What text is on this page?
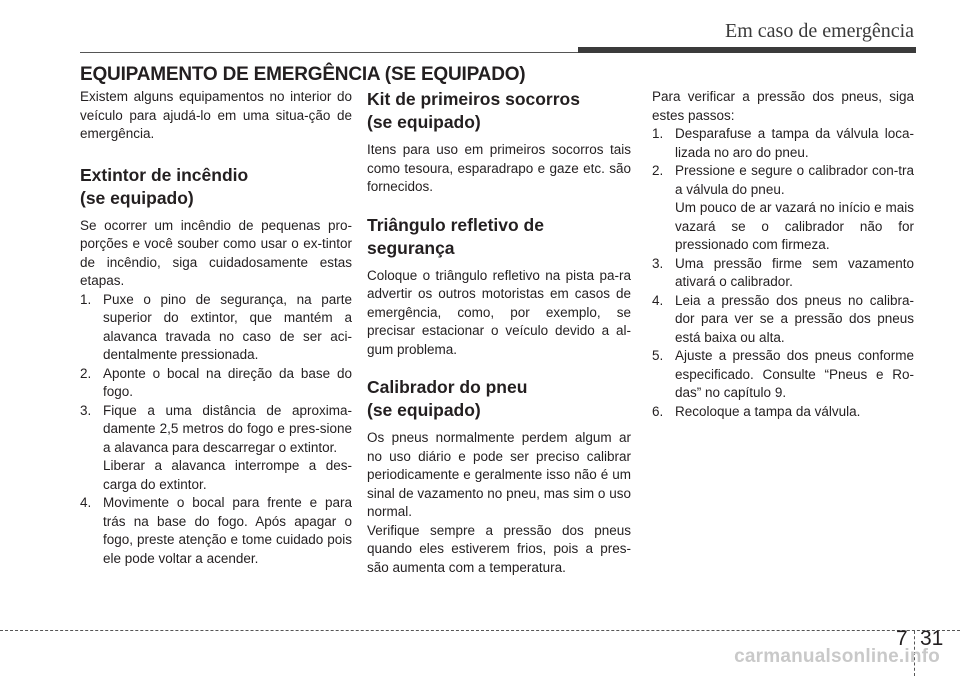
Em caso de emergência
EQUIPAMENTO DE EMERGÊNCIA (SE EQUIPADO)

Existem alguns equipamentos no interior do veículo para ajudá-lo em uma situa-ção de emergência.

Extintor de incêndio
(se equipado)

Se ocorrer um incêndio de pequenas pro-porções e você souber como usar o ex-tintor de incêndio, siga cuidadosamente estas etapas.

1. Puxe o pino de segurança, na parte superior do extintor, que mantém a alavanca travada no caso de ser aci-dentalmente pressionada.

2. Aponte o bocal na direção da base do fogo.

3. Fique a uma distância de aproxima-damente 2,5 metros do fogo e pres-sione a alavanca para descarregar o extintor.

Liberar a alavanca interrompe a des-carga do extintor.

4. Movimente o bocal para frente e para trás na base do fogo. Após apagar o fogo, preste atenção e tome cuidado pois ele pode voltar a acender.

Kit de primeiros socorros
(se equipado)

Itens para uso em primeiros socorros tais como tesoura, esparadrapo e gaze etc. são fornecidos.

Triângulo refletivo de
segurança

Coloque o triângulo refletivo na pista pa-ra advertir os outros motoristas em casos de emergência, como, por exemplo, se precisar estacionar o veículo devido a al-gum problema.

Calibrador do pneu
(se equipado)

Os pneus normalmente perdem algum ar no uso diário e pode ser preciso calibrar periodicamente e geralmente isso não é um sinal de vazamento no pneu, mas sim o uso normal.

Verifique sempre a pressão dos pneus quando eles estiverem frios, pois a pres-são aumenta com a temperatura.

Para verificar a pressão dos pneus, siga estes passos:

1. Desparafuse a tampa da válvula loca-lizada no aro do pneu.

2. Pressione e segure o calibrador con-tra a válvula do pneu.

Um pouco de ar vazará no início e mais vazará se o calibrador não for pressionado com firmeza.

3. Uma pressão firme sem vazamento ativará o calibrador.

4. Leia a pressão dos pneus no calibra-dor para ver se a pressão dos pneus está baixa ou alta.

5. Ajuste a pressão dos pneus conforme especificado. Consulte “Pneus e Ro-das” no capítulo 9.

6. Recoloque a tampa da válvula.

7 31
carmanualsonline.info
